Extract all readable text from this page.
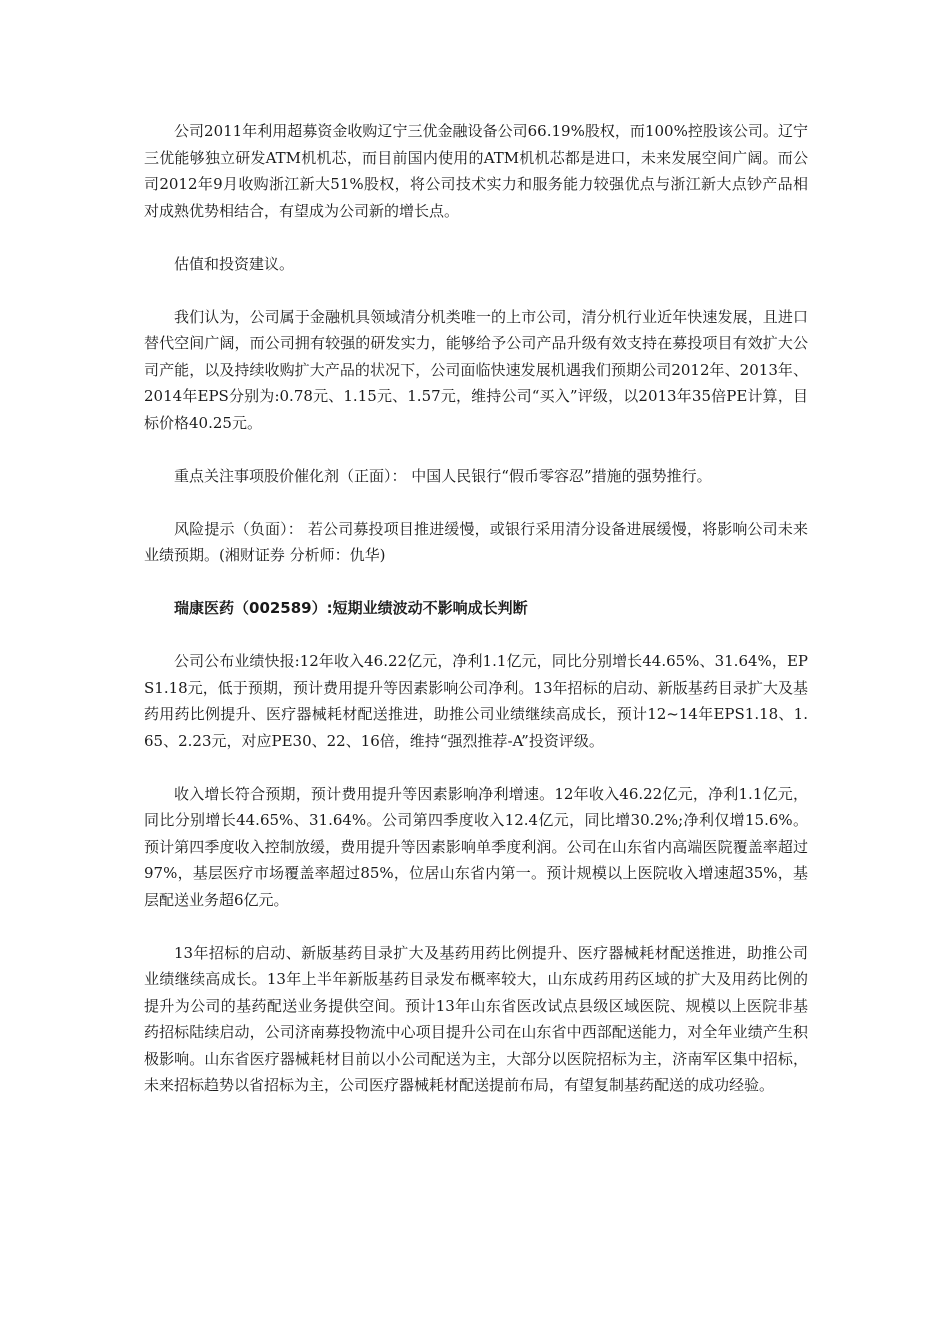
公司2011年利用超募资金收购辽宁三优金融设备公司66.19%股权，而100%控股该公司。辽宁三优能够独立研发ATM机机芯，而目前国内使用的ATM机机芯都是进口，未来发展空间广阔。而公司2012年9月收购浙江新大51%股权，将公司技术实力和服务能力较强优点与浙江新大点钞产品相对成熟优势相结合，有望成为公司新的增长点。

估值和投资建议。

我们认为，公司属于金融机具领域清分机类唯一的上市公司，清分机行业近年快速发展，且进口替代空间广阔，而公司拥有较强的研发实力，能够给予公司产品升级有效支持在募投项目有效扩大公司产能，以及持续收购扩大产品的状况下，公司面临快速发展机遇我们预期公司2012年、2013年、2014年EPS分别为:0.78元、1.15元、1.57元，维持公司“买入”评级，以2013年35倍PE计算，目标价格40.25元。

重点关注事项股价催化剂（正面）： 中国人民银行“假币零容忍”措施的强势推行。

风险提示（负面）： 若公司募投项目推进缓慢，或银行采用清分设备进展缓慢，将影响公司未来业绩预期。(湘财证券 分析师：仇华)

瑞康医药（002589）:短期业绩波动不影响成长判断

公司公布业绩快报:12年收入46.22亿元，净利1.1亿元，同比分别增长44.65%、31.64%，EPS1.18元，低于预期，预计费用提升等因素影响公司净利。13年招标的启动、新版基药目录扩大及基药用药比例提升、医疗器械耗材配送推进，助推公司业绩继续高成长，预计12~14年EPS1.18、1.65、2.23元，对应PE30、22、16倍，维持“强烈推荐-A”投资评级。

收入增长符合预期，预计费用提升等因素影响净利增速。12年收入46.22亿元，净利1.1亿元，同比分别增长44.65%、31.64%。公司第四季度收入12.4亿元，同比增30.2%;净利仅增15.6%。预计第四季度收入控制放缓，费用提升等因素影响单季度利润。公司在山东省内高端医院覆盖率超过97%，基层医疗市场覆盖率超过85%，位居山东省内第一。预计规模以上医院收入增速超35%，基层配送业务超6亿元。

13年招标的启动、新版基药目录扩大及基药用药比例提升、医疗器械耗材配送推进，助推公司业绩继续高成长。13年上半年新版基药目录发布概率较大，山东成药用药区域的扩大及用药比例的提升为公司的基药配送业务提供空间。预计13年山东省医改试点县级区域医院、规模以上医院非基药招标陆续启动，公司济南募投物流中心项目提升公司在山东省中西部配送能力，对全年业绩产生积极影响。山东省医疗器械耗材目前以小公司配送为主，大部分以医院招标为主，济南军区集中招标，未来招标趋势以省招标为主，公司医疗器械耗材配送提前布局，有望复制基药配送的成功经验。
